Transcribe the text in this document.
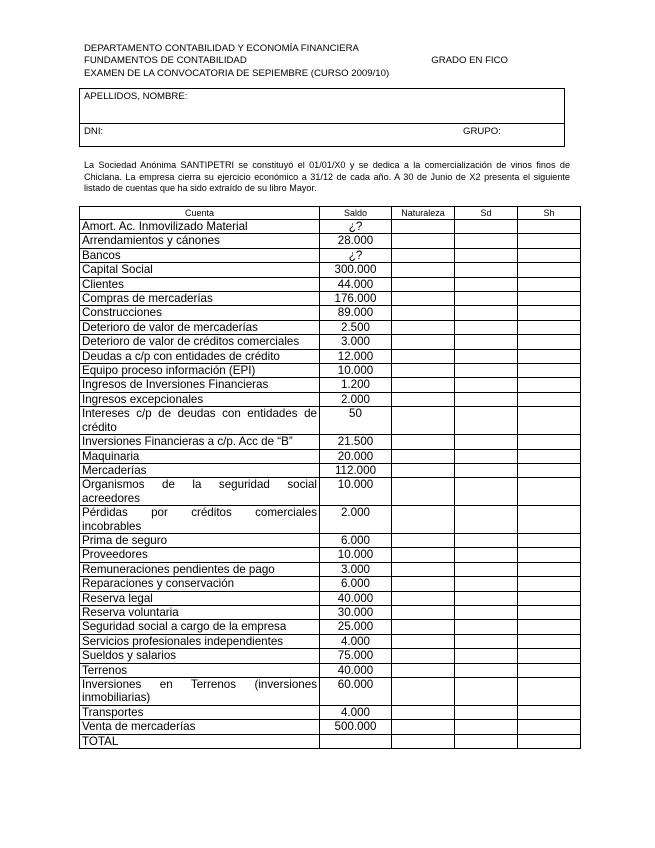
DEPARTAMENTO CONTABILIDAD Y ECONOMÍA FINANCIERA
FUNDAMENTOS DE CONTABILIDAD	GRADO EN FICO
EXAMEN DE LA CONVOCATORIA DE SEPIEMBRE (CURSO 2009/10)
APELLIDOS, NOMBRE:
DNI:	GRUPO:
La Sociedad Anónima SANTIPETRI se constituyó el 01/01/X0 y se dedica a la comercialización de vinos finos de Chiclana. La empresa cierra su ejercicio económico a 31/12 de cada año. A 30 de Junio de X2 presenta el siguiente listado de cuentas que ha sido extraído de su libro Mayor.
Cuenta	Saldo	Naturaleza	Sd	Sh
Amort. Ac. Inmovilizado Material	¿?			
Arrendamientos y cánones	28.000			
Bancos	¿?			
Capital Social	300.000			
Clientes	44.000			
Compras de mercaderías	176.000			
Construcciones	89.000			
Deterioro de valor de mercaderías	2.500			
Deterioro de valor de créditos comerciales	3.000			
Deudas a c/p con entidades de crédito	12.000			
Equipo proceso información (EPI)	10.000			
Ingresos de Inversiones Financieras	1.200			
Ingresos excepcionales	2.000			
Intereses c/p de deudas con entidades de crédito	50			
Inversiones Financieras a c/p. Acc de “B”	21.500			
Maquinaria	20.000			
Mercaderías	112.000			
Organismos de la seguridad social acreedores	10.000			
Pérdidas por créditos comerciales incobrables	2.000			
Prima de seguro	6.000			
Proveedores	10.000			
Remuneraciones pendientes de pago	3.000			
Reparaciones y conservación	6.000			
Reserva legal	40.000			
Reserva voluntaria	30.000			
Seguridad social a cargo de la empresa	25.000			
Servicios profesionales independientes	4.000			
Sueldos y salarios	75.000			
Terrenos	40.000			
Inversiones en Terrenos (inversiones inmobiliarias)	60.000			
Transportes	4.000			
Venta de mercaderías	500.000			
TOTAL				
